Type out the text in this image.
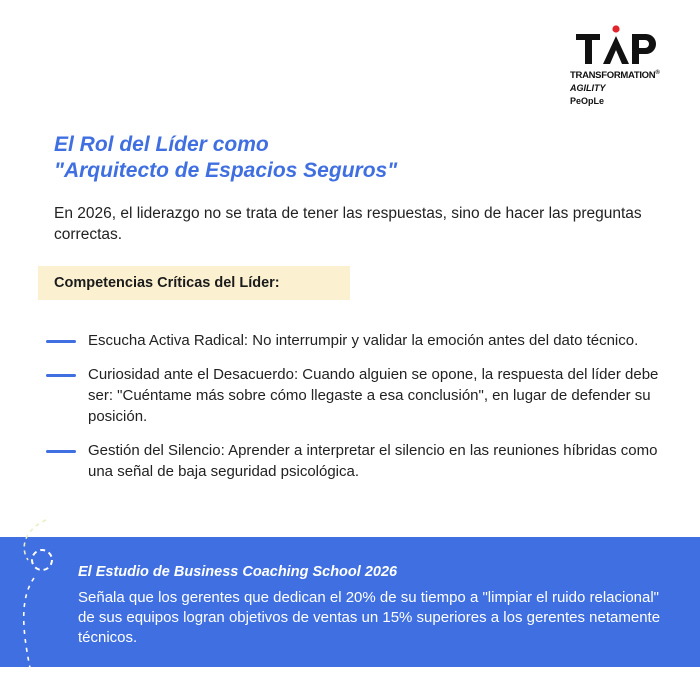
TRANSFORMATION®
AGILITY
PeOpLe
El Rol del Líder como
"Arquitecto de Espacios Seguros"

En 2026, el liderazgo no se trata de tener las respuestas, sino de hacer las preguntas correctas.

Competencias Críticas del Líder:
Escucha Activa Radical: No interrumpir y validar la emoción antes del dato técnico.
Curiosidad ante el Desacuerdo: Cuando alguien se opone, la respuesta del líder debe ser: "Cuéntame más sobre cómo llegaste a esa conclusión", en lugar de defender su posición.
Gestión del Silencio: Aprender a interpretar el silencio en las reuniones híbridas como una señal de baja seguridad psicológica.
El Estudio de Business Coaching School 2026
Señala que los gerentes que dedican el 20% de su tiempo a "limpiar el ruido relacional" de sus equipos logran objetivos de ventas un 15% superiores a los gerentes netamente técnicos.
